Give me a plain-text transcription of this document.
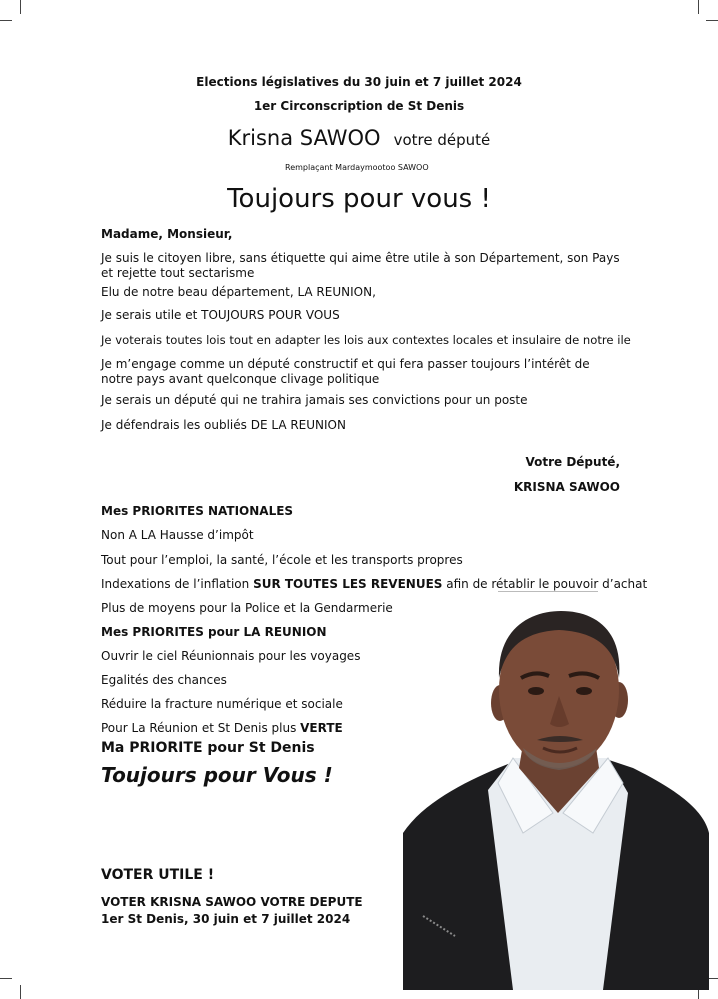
Elections législatives du 30 juin et 7 juillet 2024
1er Circonscription de St Denis
Krisna SAWOO votre député
Remplaçant Mardaymootoo SAWOO
Toujours pour vous !
Madame, Monsieur,
Je suis le citoyen libre, sans étiquette qui aime être utile à son Département, son Pays et rejette tout sectarisme
Elu de notre beau département, LA REUNION,
Je serais utile et TOUJOURS POUR VOUS
Je voterais toutes lois tout en adapter les lois aux contextes locales et insulaire de notre ile
Je m’engage comme un député constructif et qui fera passer toujours l’intérêt de notre pays avant quelconque clivage politique
Je serais un député qui ne trahira jamais ses convictions pour un poste
Je défendrais les oubliés DE LA REUNION
Votre Député,
KRISNA SAWOO
Mes PRIORITES NATIONALES
Non A LA Hausse d’impôt
Tout pour l’emploi, la santé, l’école et les transports propres
Indexations de l’inflation SUR TOUTES LES REVENUES afin de rétablir le pouvoir d’achat
Plus de moyens pour la Police et la Gendarmerie
Mes PRIORITES pour LA REUNION
Ouvrir le ciel Réunionnais pour les voyages
Egalités des chances
Réduire la fracture numérique et sociale
Pour La Réunion et St Denis plus VERTE
Ma PRIORITE pour St Denis
Toujours pour Vous !
VOTER UTILE !
VOTER KRISNA SAWOO VOTRE DEPUTE 1er St Denis, 30 juin et 7 juillet 2024
